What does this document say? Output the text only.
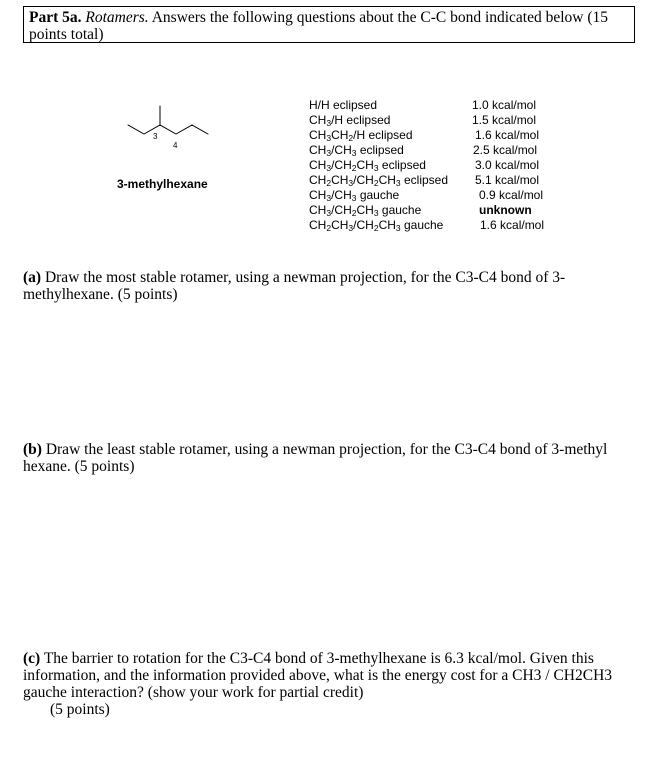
Part 5a. Rotamers. Answers the following questions about the C-C bond indicated below (15 points total)
3
4
3-methylhexane
H/H eclipsed	1.0 kcal/mol
$CH_3/H$ eclipsed	1.5 kcal/mol
$CH_3CH_2/H$ eclipsed	1.6 kcal/mol
$CH_3/CH_3$ eclipsed	2.5 kcal/mol
$CH_3/CH_2CH_3$ eclipsed	3.0 kcal/mol
$CH_2CH_3/CH_2CH_3$ eclipsed 5.1 kcal/mol
$CH_3/CH_3$ gauche	0.9 kcal/mol
$CH_3/CH_2CH_3$ gauche	unknown
$CH_2CH_3/CH_2CH_3$ gauche	1.6 kcal/mol
(a) Draw the most stable rotamer, using a newman projection, for the C3-C4 bond of 3-methylhexane. (5 points)
(b) Draw the least stable rotamer, using a newman projection, for the C3-C4 bond of 3-methyl hexane. (5 points)
(c) The barrier to rotation for the C3-C4 bond of 3-methylhexane is 6.3 kcal/mol. Given this information, and the information provided above, what is the energy cost for a CH3 / CH2CH3 gauche interaction? (show your work for partial credit)
(5 points)
